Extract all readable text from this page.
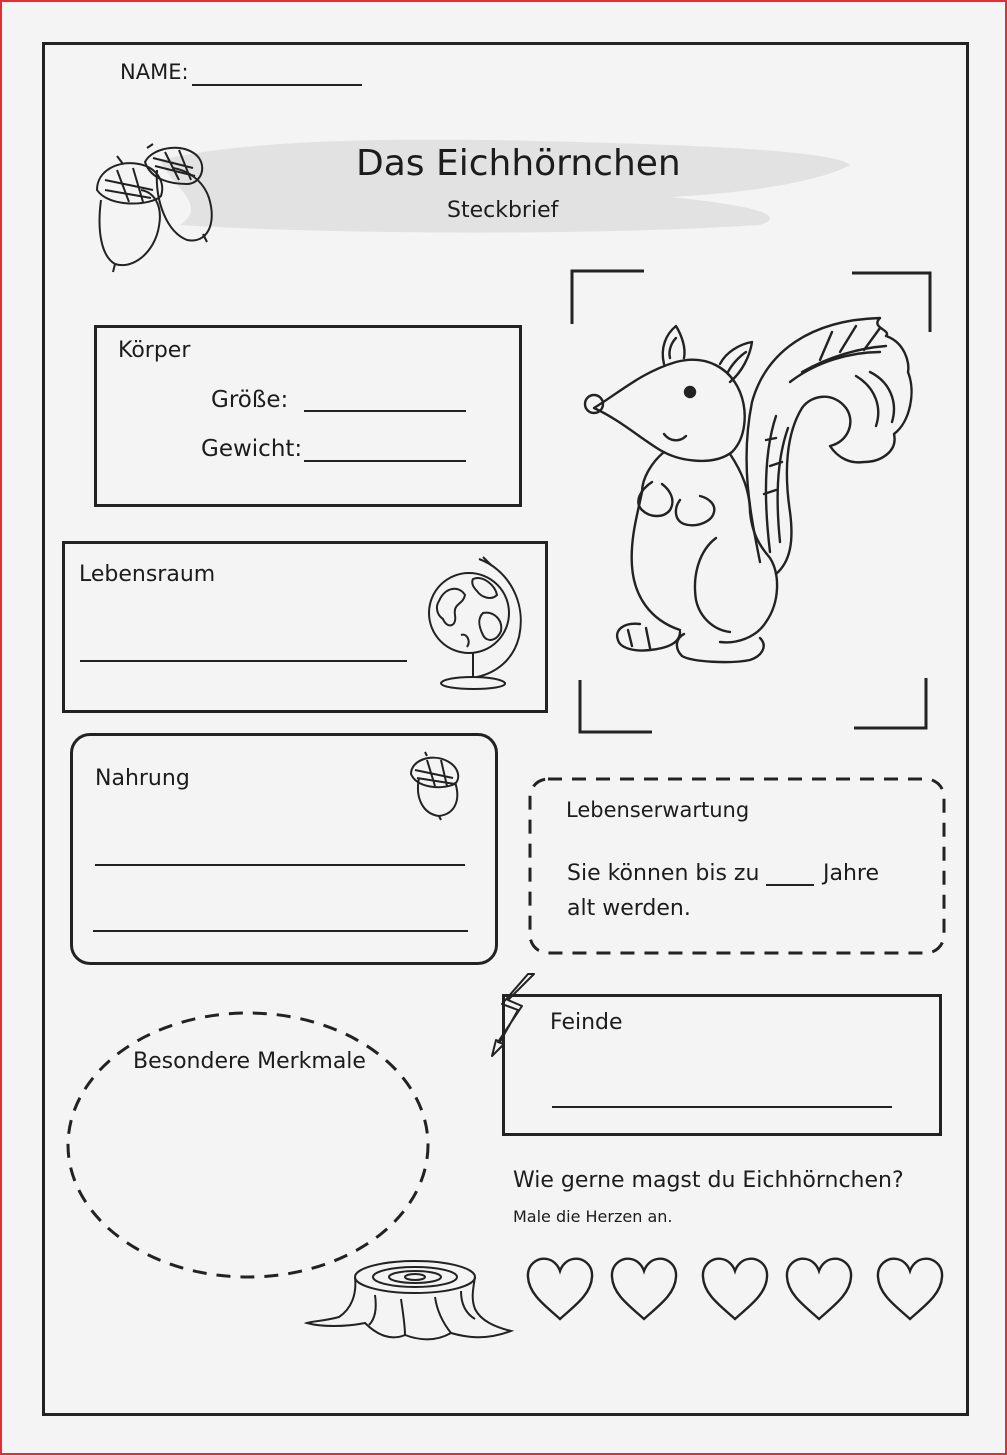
NAME:
Das Eichhörnchen
Steckbrief
Körper
Größe:
Gewicht:
Lebensraum
Nahrung
Lebenserwartung
Sie können bis zu	Jahre
alt werden.
Feinde
Besondere Merkmale
Wie gerne magst du Eichhörnchen?
Male die Herzen an.
